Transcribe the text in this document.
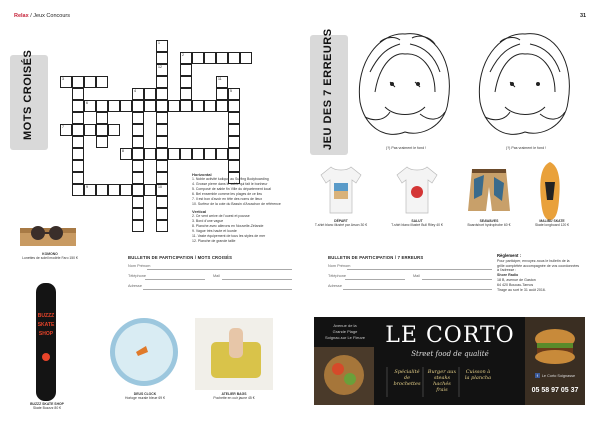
Relax / Jeux Concours	31
MOTS CROISÉS
1
12
10
2
3
4	5
6
7
8
9
11
Horizontal
1. Noble activité ludique au Surfing Bodyboarding
4. Grosse pierre dans le sable qui fait le bonheur
5. Composé de sable fin Ville du département local
6. Bel ensemble comme les plages de ce lieu
7. Il est bon d'avoir en tête des noms de lieux
10. Surfeur de la cote du Bassin d'Arcachon de référence
Vertical
2. Ce vent arrive de l'ouest et pousse
3. Bord d'une vague
8. Planche avec ailerons en Nouvelle-Zélande
9. Vague très haute et lourde
11. Vaste équipement de tous les styles de mer
12. Planche de grande taille
KOMONO
Lunettes de soleil modèle Faro 150 €	BULLETIN DE PARTICIPATION / MOTS CROISÉS
Nom Prénom
Téléphone	Mail
Adresse
BUZZZ
SKATE
SHOP
BUZZZ SKATE SHOP
Skate Buzzzz 80 €
DEUS CLOCK
Horloge murale bleue 69 €
ATELIER BAGS
Pochette en cuir jaune 45 €
JEU DES 7 ERREURS	(?) Pas vraiment le fond !	(?) Pas vraiment le fond !
DÉPART
T-shirt blanc illustré par Arson 30 €
SALUT
T-shirt blanc illustré Bull Riley 40 €
SEAWAVES
Boardshort hydrophobe 60 €
MALIBU SKATE
Skate longboard 120 €
BULLETIN DE PARTICIPATION / 7 ERREURS
Nom Prénom
Téléphone	Mail
Adresse
Règlement :
Pour participer, envoyez-nous le bulletin de la
grille complétée accompagnée de vos coordonnées
à l'adresse :
Shore Radio
18 B, avenue de Gaston
64 420 Boucau-Tarnos
Tirage au sort le 31 août 2016.
Avenue de la
Grande Plage
Soignac-sur Le Fleuve LE CORTO
Street food de qualité
Spécialité de brochettes
Burger aux steaks hachés frais
Cuisson à la plancha	f Le Corto Soignasse
05 58 97 05 37
